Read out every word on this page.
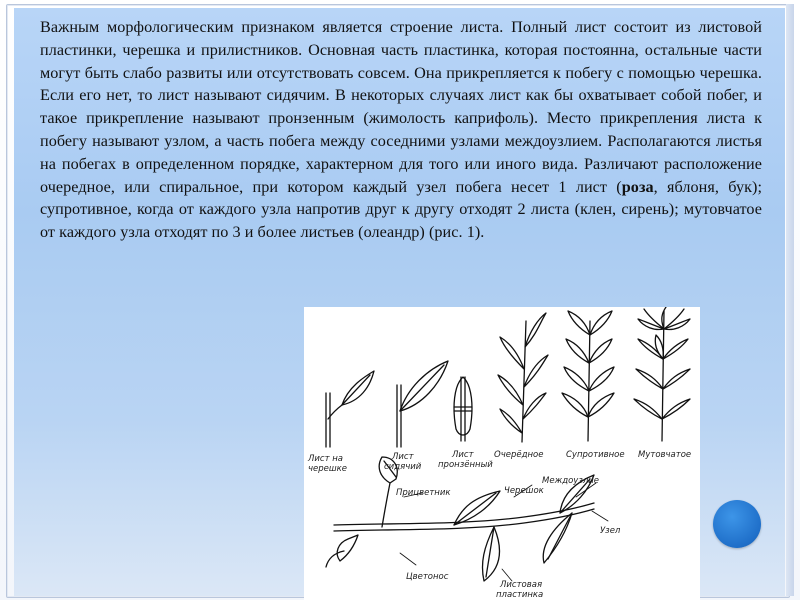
Важным морфологическим признаком является строение листа. Полный лист состоит из листовой пластинки, черешка и прилистников. Основная часть пластинка, которая постоянна, остальные части могут быть слабо развиты или отсутствовать совсем. Она прикрепляется к побегу с помощью черешка. Если его нет, то лист называют сидячим. В некоторых случаях лист как бы охватывает собой побег, и такое прикрепление называют пронзенным (жимолость каприфоль). Место прикрепления листа к побегу называют узлом, а часть побега между соседними узлами междоузлием. Располагаются листья на побегах в определенном порядке, характерном для того или иного вида. Различают расположение очередное, или спиральное, при котором каждый узел побега несет 1 лист (роза, яблоня, бук); супротивное, когда от каждого узла напротив друг к другу отходят 2 листа (клен, сирень); мутовчатое от каждого узла отходят по 3 и более листьев (олеандр) (рис. 1).
Лист на
черешке
Лист
сидячий
Лист
пронзённый
Очерёдное	Супротивное Мутовчатое
Прицветник	Черешок
Междоузлие
Узел
Цветонос
Листовая
пластинка
